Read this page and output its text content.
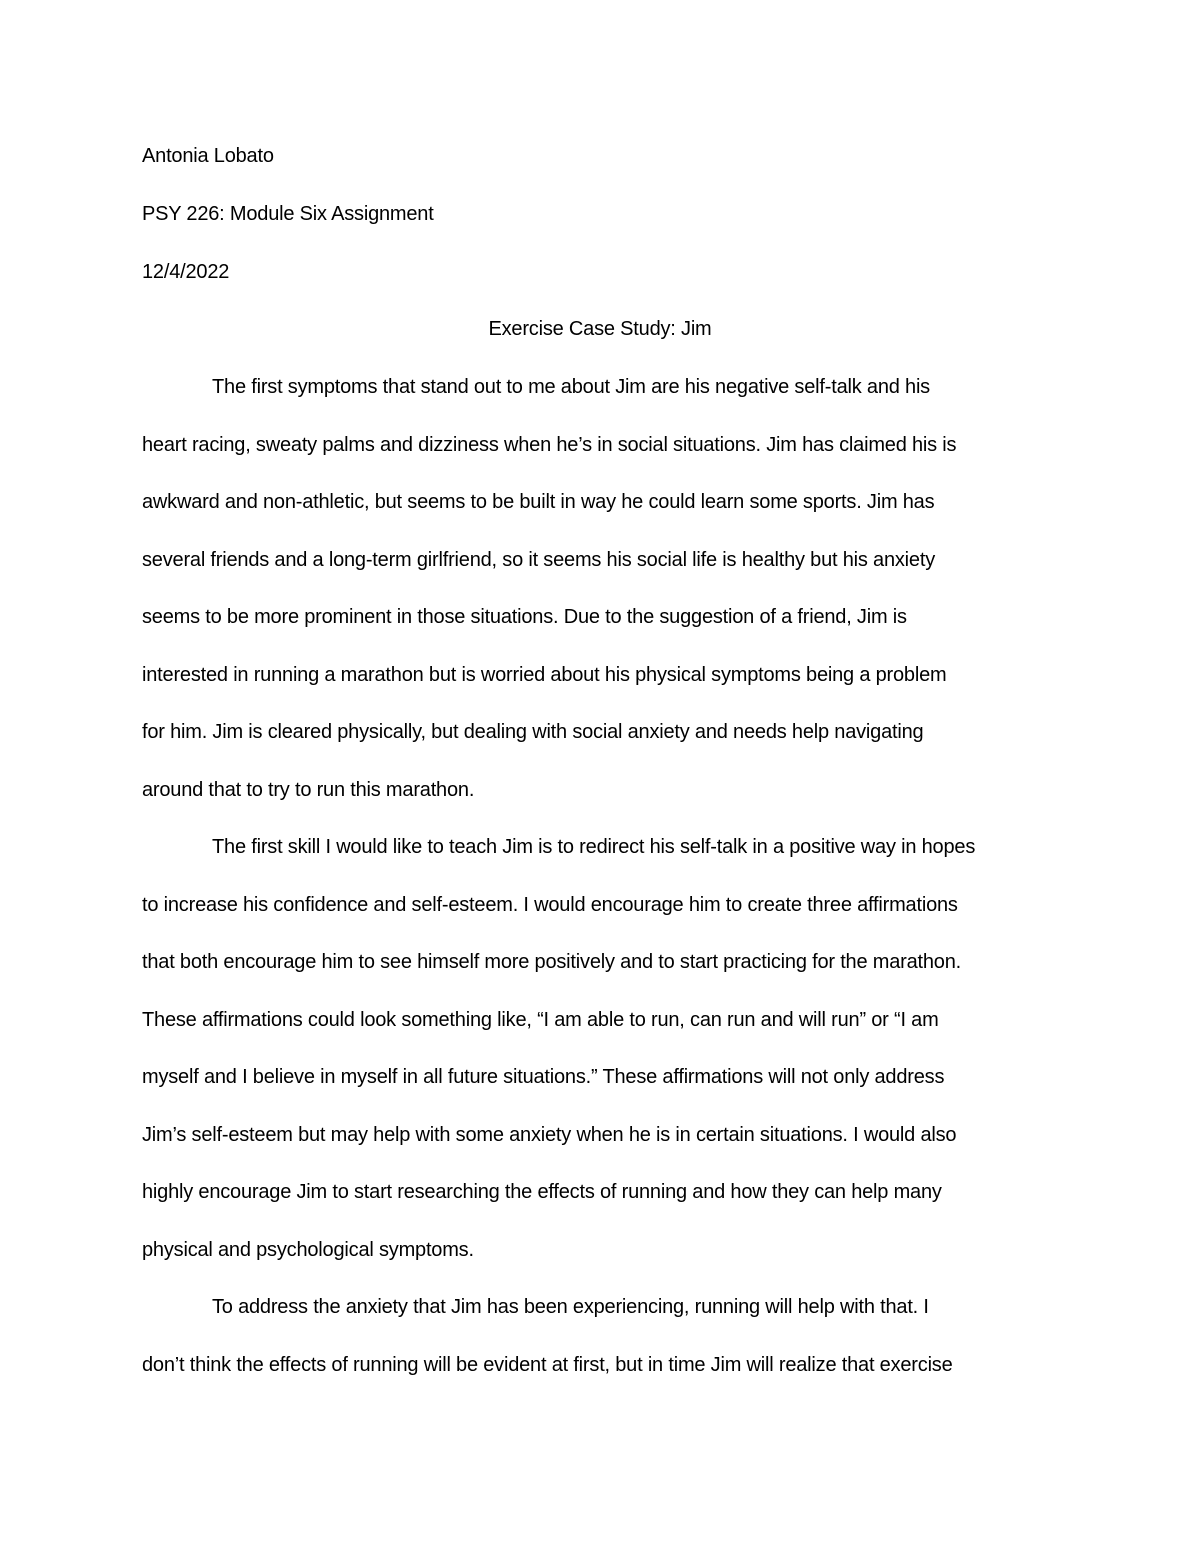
Antonia Lobato
PSY 226: Module Six Assignment
12/4/2022
Exercise Case Study: Jim
The first symptoms that stand out to me about Jim are his negative self-talk and his
heart racing, sweaty palms and dizziness when he’s in social situations. Jim has claimed his is
awkward and non-athletic, but seems to be built in way he could learn some sports. Jim has
several friends and a long-term girlfriend, so it seems his social life is healthy but his anxiety
seems to be more prominent in those situations. Due to the suggestion of a friend, Jim is
interested in running a marathon but is worried about his physical symptoms being a problem
for him. Jim is cleared physically, but dealing with social anxiety and needs help navigating
around that to try to run this marathon.
The first skill I would like to teach Jim is to redirect his self-talk in a positive way in hopes
to increase his confidence and self-esteem. I would encourage him to create three affirmations
that both encourage him to see himself more positively and to start practicing for the marathon.
These affirmations could look something like, “I am able to run, can run and will run” or “I am
myself and I believe in myself in all future situations.” These affirmations will not only address
Jim’s self-esteem but may help with some anxiety when he is in certain situations. I would also
highly encourage Jim to start researching the effects of running and how they can help many
physical and psychological symptoms.
To address the anxiety that Jim has been experiencing, running will help with that. I
don’t think the effects of running will be evident at first, but in time Jim will realize that exercise
